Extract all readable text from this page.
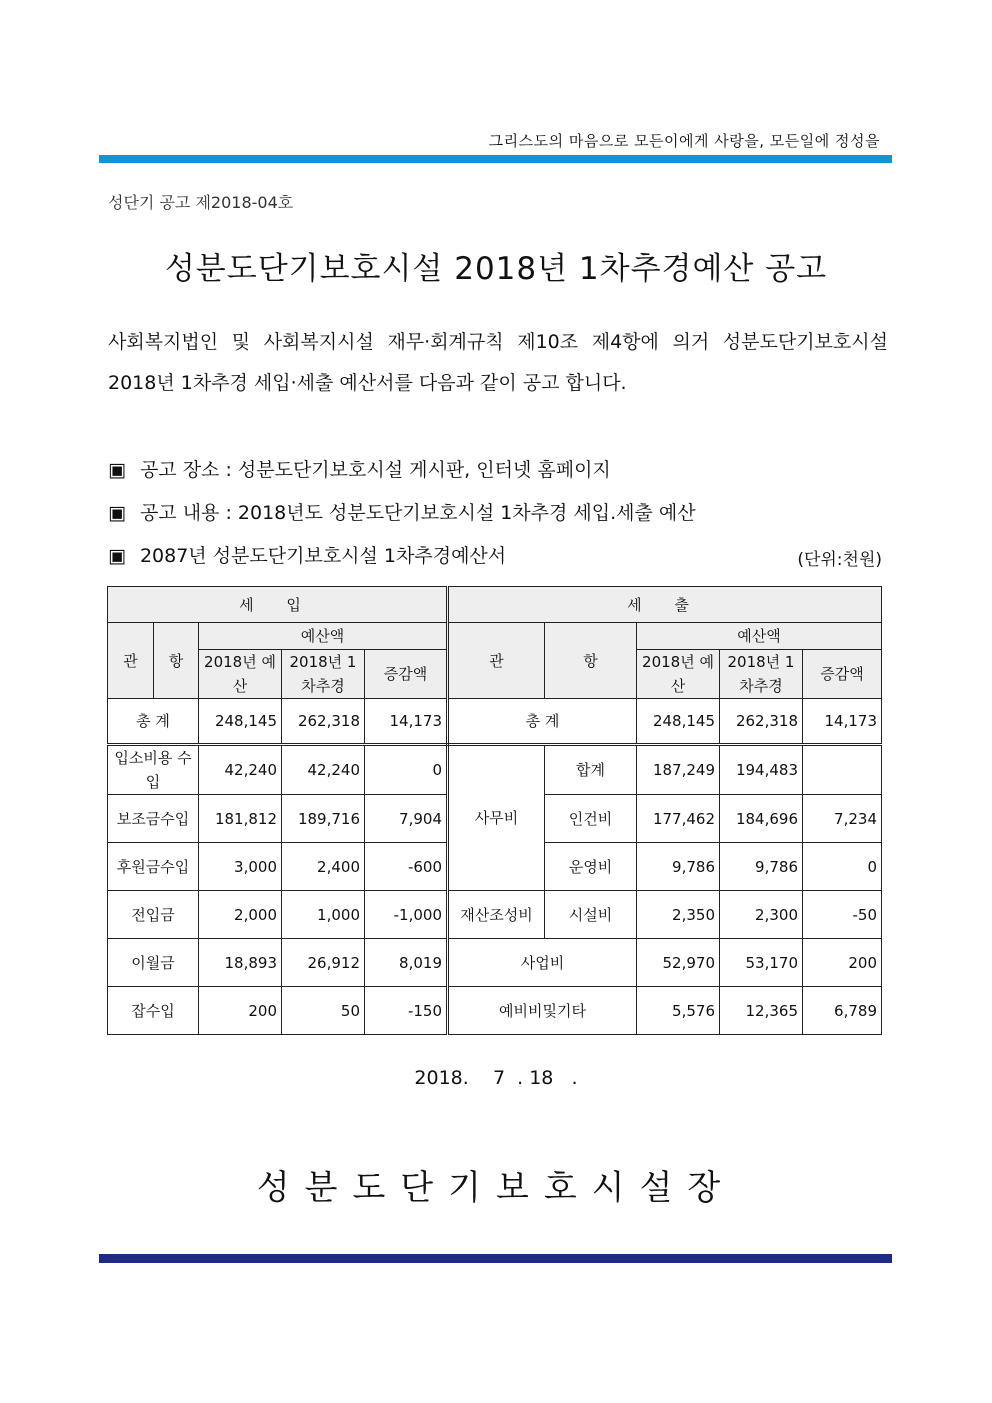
그리스도의 마음으로 모든이에게 사랑을, 모든일에 정성을
성단기 공고 제2018-04호
성분도단기보호시설 2018년 1차추경예산 공고
사회복지법인 및 사회복지시설 재무·회계규칙 제10조 제4항에 의거 성분도단기보호시설 2018년 1차추경 세입·세출 예산서를 다음과 같이 공고 합니다.
▣ 공고 장소 : 성분도단기보호시설 게시판, 인터넷 홈페이지
▣ 공고 내용 : 2018년도 성분도단기보호시설 1차추경 세입.세출 예산
▣ 2087년 성분도단기보호시설 1차추경예산서	(단위:천원)
세 입					세 출				
관	항	예산액			관	항	예산액		
		2018년 예산	2018년 1차추경	증감액			2018년 예산	2018년 1차추경	증감액
총 계		248,145	262,318	14,173	총 계		248,145	262,318	14,173
입소비용 수입		42,240	42,240	0	사무비	합계	187,249	194,483	
보조금수입		181,812	189,716	7,904		인건비	177,462	184,696	7,234
후원금수입		3,000	2,400	-600		운영비	9,786	9,786	0
전입금		2,000	1,000	-1,000	재산조성비	시설비	2,350	2,300	-50
이월금		18,893	26,912	8,019	사업비		52,970	53,170	200
잡수입		200	50	-150	예비비및기타		5,576	12,365	6,789
2018.    7  . 18   .
성분도단기보호시설장
